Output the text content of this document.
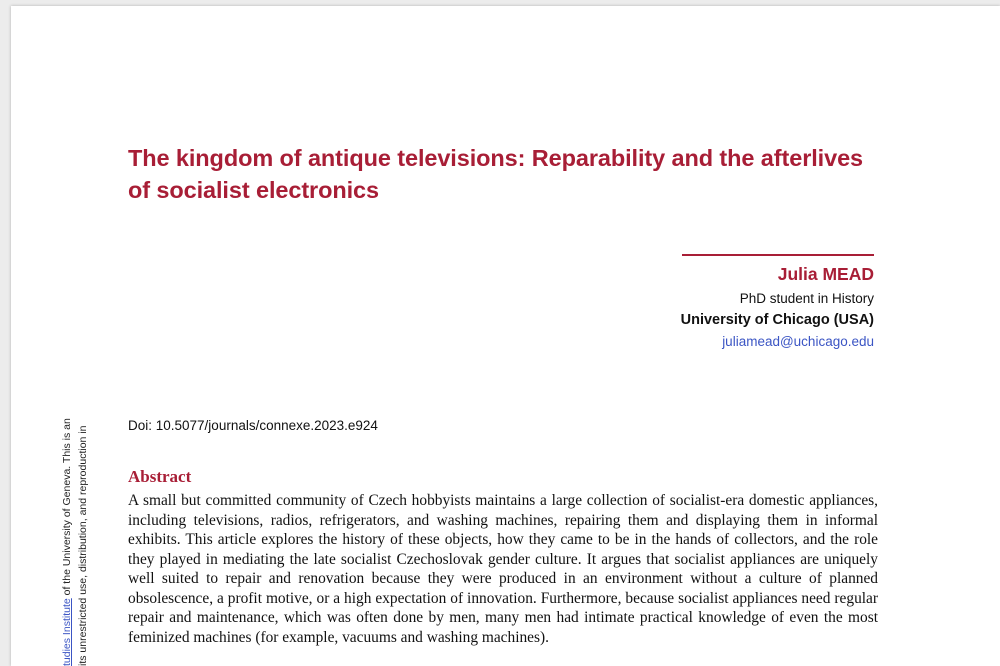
The kingdom of antique televisions: Reparability and the afterlives of socialist electronics
Julia MEAD
PhD student in History
University of Chicago (USA)
juliamead@uchicago.edu
tudies Institute of the University of Geneva. This is an its unrestricted use, distribution, and reproduction in
Doi: 10.5077/journals/connexe.2023.e924
Abstract

A small but committed community of Czech hobbyists maintains a large collection of socialist-era domestic appliances, including televisions, radios, refrigerators, and washing machines, repairing them and displaying them in informal exhibits. This article explores the history of these objects, how they came to be in the hands of collectors, and the role they played in mediating the late socialist Czechoslovak gender culture. It argues that socialist appliances are uniquely well suited to repair and renovation because they were produced in an environment without a culture of planned obsolescence, a profit motive, or a high expectation of innovation. Furthermore, because socialist appliances need regular repair and maintenance, which was often done by men, many men had intimate practical knowledge of even the most feminized machines (for example, vacuums and washing machines).
